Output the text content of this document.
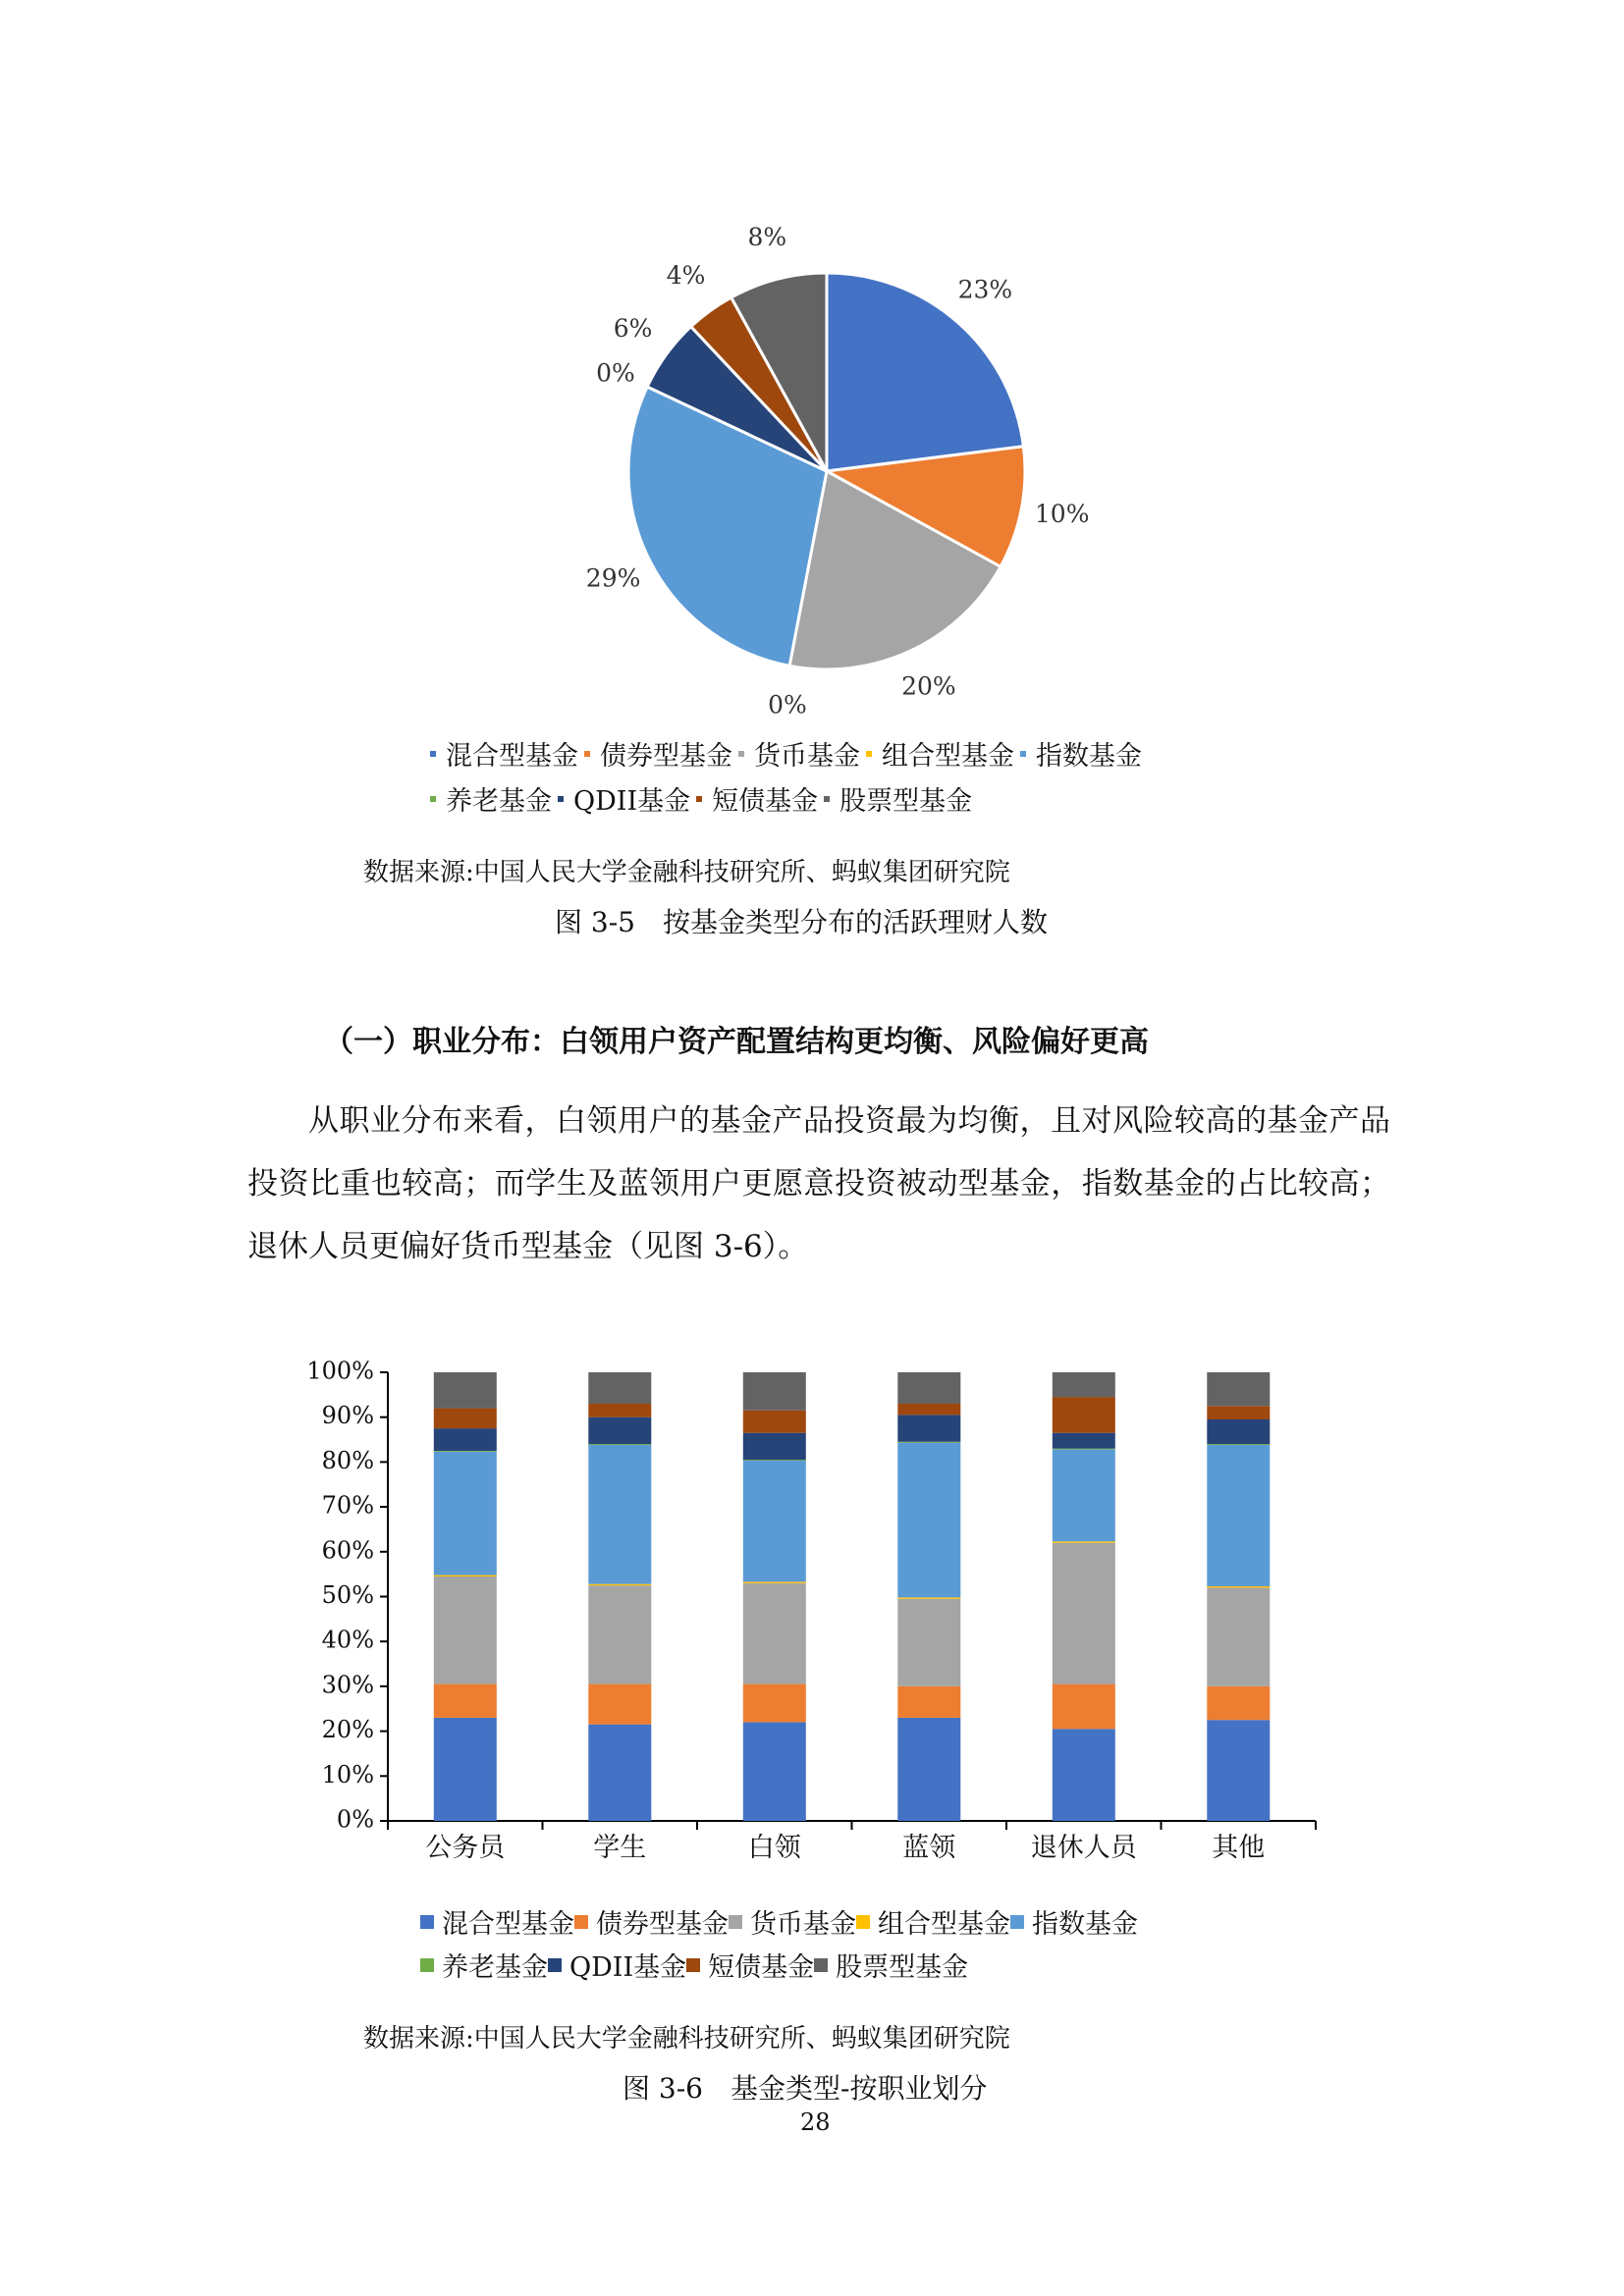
23%
10%
20%
0%
29%
0%
6%
4%
8%
混合型基金 债券型基金 货币基金 组合型基金 指数基金
养老基金 QDII基金 短债基金 股票型基金
数据来源:中国人民大学金融科技研究所、蚂蚁集团研究院
图 3-5　按基金类型分布的活跃理财人数
（一）职业分布：白领用户资产配置结构更均衡、风险偏好更高
从职业分布来看，白领用户的基金产品投资最为均衡，且对风险较高的基金产品投资比重也较高；而学生及蓝领用户更愿意投资被动型基金，指数基金的占比较高；退休人员更偏好货币型基金（见图 3-6）。
0%
10%
20%
30%
40%
50%
60%
70%
80%
90%
100%
公务员	学生	白领	蓝领	退休人员	其他
混合型基金 债券型基金 货币基金 组合型基金 指数基金
养老基金 QDII基金 短债基金 股票型基金
数据来源:中国人民大学金融科技研究所、蚂蚁集团研究院
图 3-6　基金类型-按职业划分
28
